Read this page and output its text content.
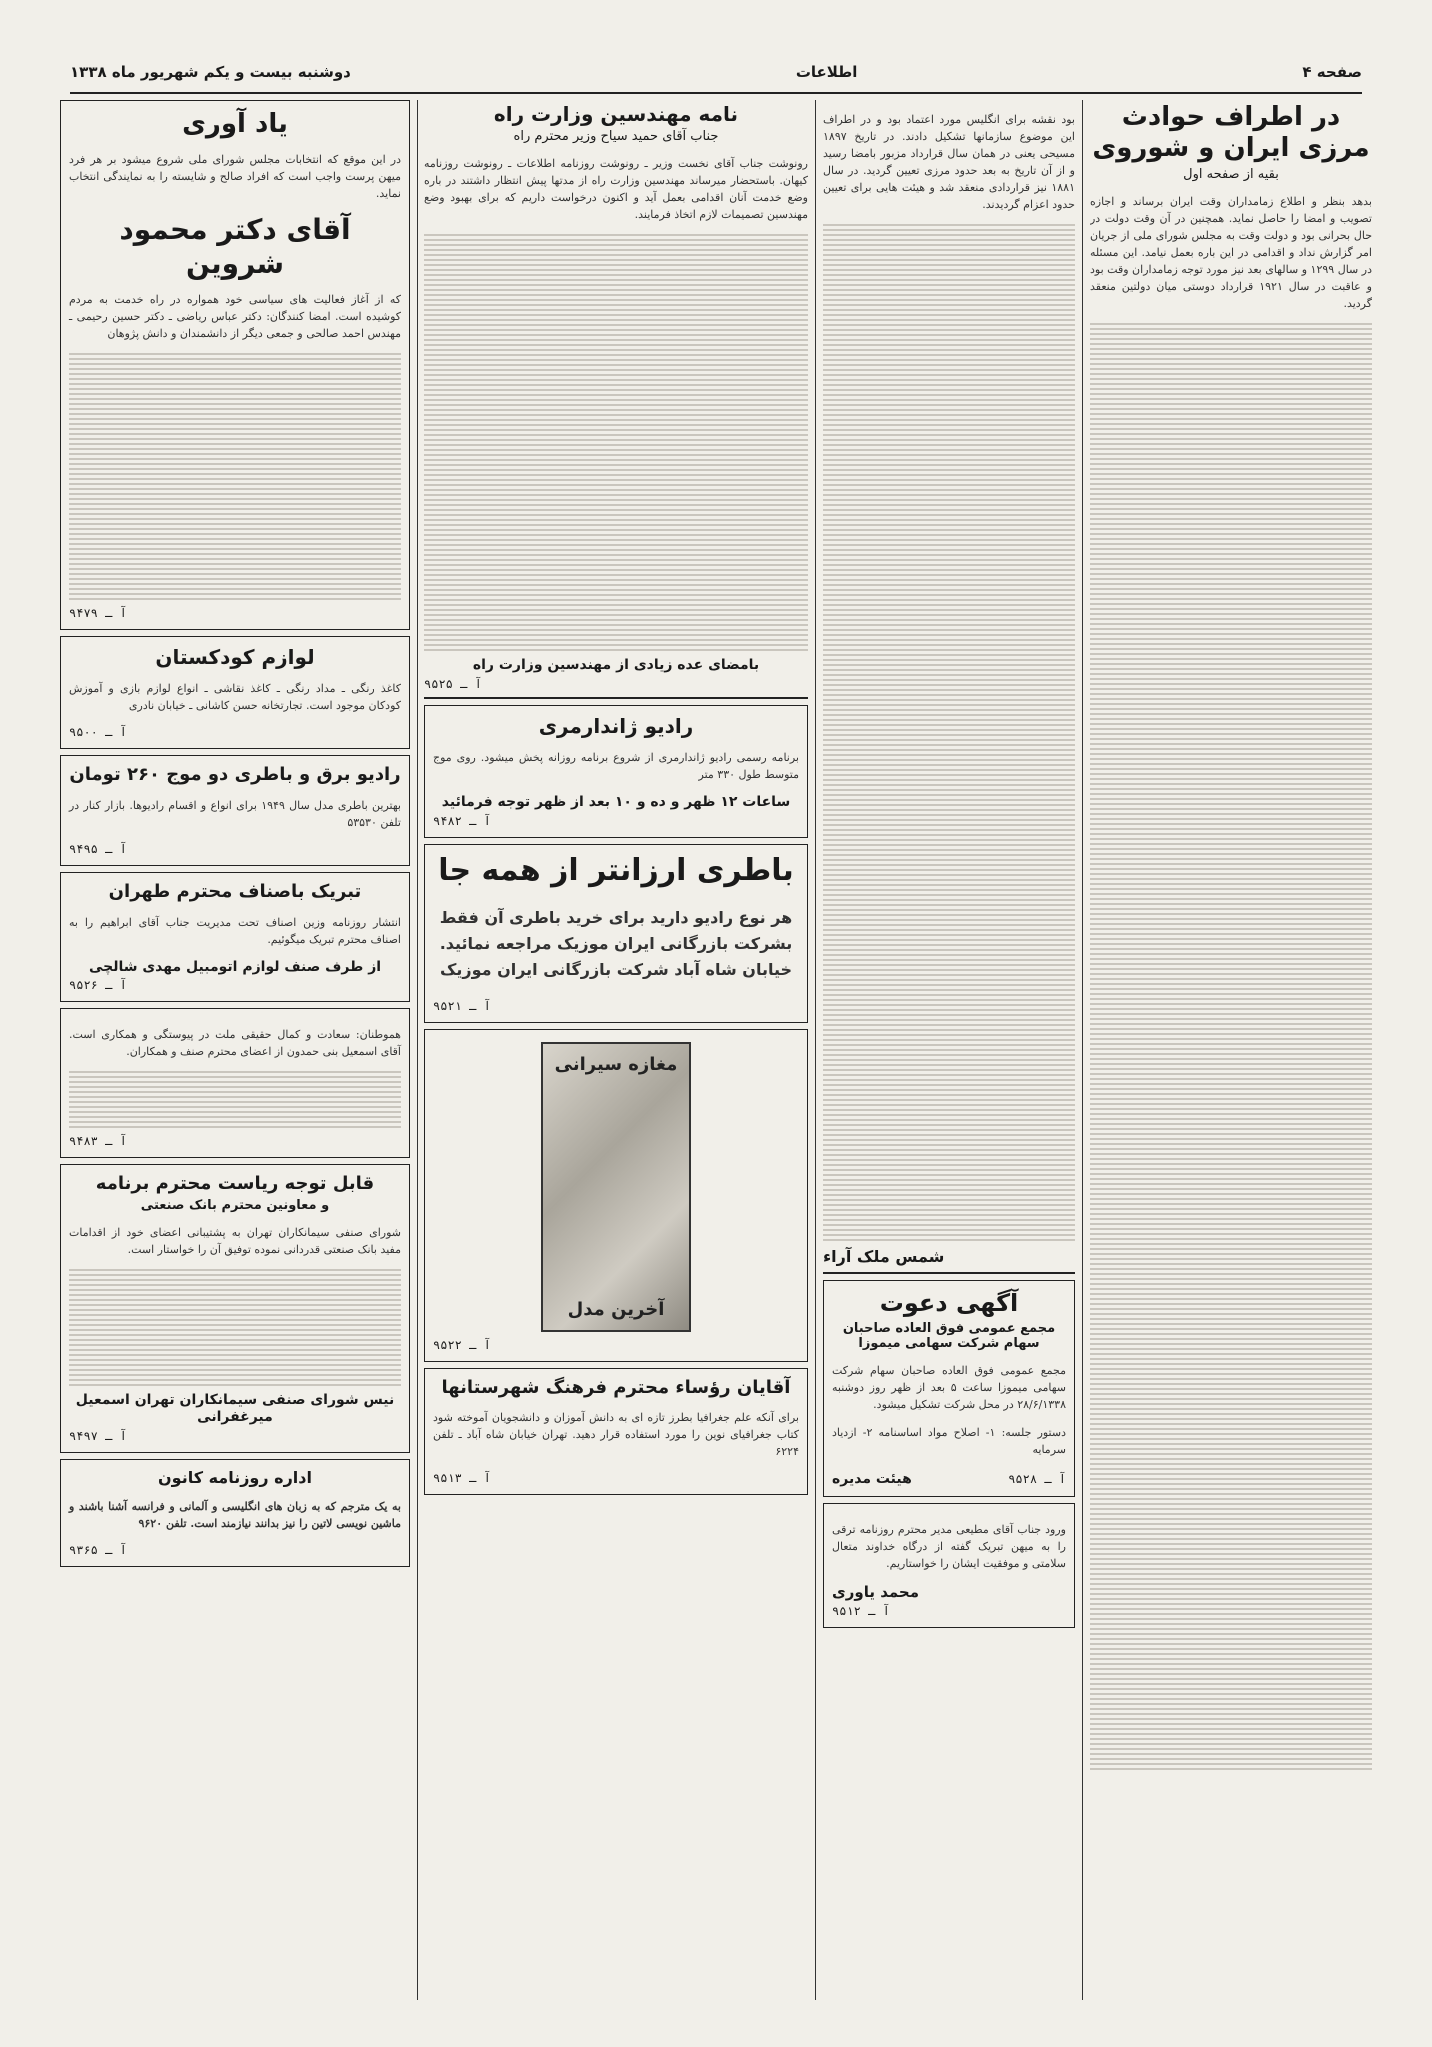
صفحه ۴
اطلاعات
دوشنبه بیست و یکم شهریور ماه ۱۳۳۸
در اطراف حوادث مرزی ایران و شوروی
بقیه از صفحه اول

بدهد بنظر و اطلاع زمامداران وقت ایران برساند و اجازه تصویب و امضا را حاصل نماید. همچنین در آن وقت دولت در حال بحرانی بود و دولت وقت به مجلس شورای ملی از جریان امر گزارش نداد و اقدامی در این باره بعمل نیامد. این مسئله در سال ۱۲۹۹ و سالهای بعد نیز مورد توجه زمامداران وقت بود و عاقبت در سال ۱۹۲۱ قرارداد دوستی میان دولتین منعقد گردید.

بود نقشه برای انگلیس مورد اعتماد بود و در اطراف این موضوع سازمانها تشکیل دادند. در تاریخ ۱۸۹۷ مسیحی یعنی در همان سال قرارداد مزبور بامضا رسید و از آن تاریخ به بعد حدود مرزی تعیین گردید. در سال ۱۸۸۱ نیز قراردادی منعقد شد و هیئت هایی برای تعیین حدود اعزام گردیدند.

شمس ملک آراء
آگهی دعوت
مجمع عمومی فوق العاده صاحبان سهام شرکت سهامی میموزا

مجمع عمومی فوق العاده صاحبان سهام شرکت سهامی میموزا ساعت ۵ بعد از ظهر روز دوشنبه ۲۸/۶/۱۳۳۸ در محل شرکت تشکیل میشود.

دستور جلسه: ۱- اصلاح مواد اساسنامه ۲- ازدیاد سرمایه

آ ـ ۹۵۲۸
هیئت مدیره

ورود جناب آقای مطیعی مدیر محترم روزنامه ترقی را به میهن تبریک گفته از درگاه خداوند متعال سلامتی و موفقیت ایشان را خواستاریم.

محمد یاوری
آ ـ ۹۵۱۲
نامه مهندسین وزارت راه
جناب آقای حمید سیاح وزیر محترم راه

رونوشت جناب آقای نخست وزیر ـ رونوشت روزنامه اطلاعات ـ رونوشت روزنامه کیهان. باستحضار میرساند مهندسین وزارت راه از مدتها پیش انتظار داشتند در باره وضع خدمت آنان اقدامی بعمل آید و اکنون درخواست داریم که برای بهبود وضع مهندسین تصمیمات لازم اتخاذ فرمایند.

بامضای عده زیادی از مهندسین وزارت راه
آ ـ ۹۵۲۵
رادیو ژاندارمری

برنامه رسمی رادیو ژاندارمری از شروع برنامه روزانه پخش میشود. روی موج متوسط طول ۳۳۰ متر

ساعات ۱۲ ظهر و ده و ۱۰ بعد از ظهر توجه فرمائید
آ ـ ۹۴۸۲
باطری ارزانتر از همه جا

هر نوع رادیو دارید برای خرید باطری آن فقط بشرکت بازرگانی ایران موزیک مراجعه نمائید. خیابان شاه آباد شرکت بازرگانی ایران موزیک

آ ـ ۹۵۲۱
مغازه سیرانی
آخرین مدل
آ ـ ۹۵۲۲
آقایان رؤساء محترم فرهنگ شهرستانها

برای آنکه علم جغرافیا بطرز تازه ای به دانش آموزان و دانشجویان آموخته شود کتاب جغرافیای نوین را مورد استفاده قرار دهید. تهران خیابان شاه آباد ـ تلفن ۶۲۲۴

آ ـ ۹۵۱۳
یاد آوری

در این موقع که انتخابات مجلس شورای ملی شروع میشود بر هر فرد میهن پرست واجب است که افراد صالح و شایسته را به نمایندگی انتخاب نماید.

آقای دکتر محمود شروین

که از آغاز فعالیت های سیاسی خود همواره در راه خدمت به مردم کوشیده است. امضا کنندگان: دکتر عباس ریاضی ـ دکتر حسین رحیمی ـ مهندس احمد صالحی و جمعی دیگر از دانشمندان و دانش پژوهان

آ ـ ۹۴۷۹
لوازم کودکستان

کاغذ رنگی ـ مداد رنگی ـ کاغذ نقاشی ـ انواع لوازم بازی و آموزش کودکان موجود است. تجارتخانه حسن کاشانی ـ خیابان نادری

آ ـ ۹۵۰۰
رادیو برق و باطری دو موج ۲۶۰ تومان

بهترین باطری مدل سال ۱۹۴۹ برای انواع و اقسام رادیوها. بازار کنار در تلفن ۵۳۵۳۰

آ ـ ۹۴۹۵
تبریک باصناف محترم طهران

انتشار روزنامه وزین اصناف تحت مدیریت جناب آقای ابراهیم را به اصناف محترم تبریک میگوئیم.

از طرف صنف لوازم اتومبیل مهدی شالچی
آ ـ ۹۵۲۶

هموطنان: سعادت و کمال حقیقی ملت در پیوستگی و همکاری است. آقای اسمعیل بنی حمدون از اعضای محترم صنف و همکاران.

آ ـ ۹۴۸۳
قابل توجه ریاست محترم برنامه
و معاونین محترم بانک صنعتی

شورای صنفی سیمانکاران تهران به پشتیبانی اعضای خود از اقدامات مفید بانک صنعتی قدردانی نموده توفیق آن را خواستار است.

نیس شورای صنفی سیمانکاران تهران اسمعیل میرغفرانی
آ ـ ۹۴۹۷
اداره روزنامه کانون

به یک مترجم که به زبان های انگلیسی و آلمانی و فرانسه آشنا باشند و ماشین نویسی لاتین را نیز بدانند نیازمند است. تلفن ۹۶۲۰

آ ـ ۹۳۶۵
